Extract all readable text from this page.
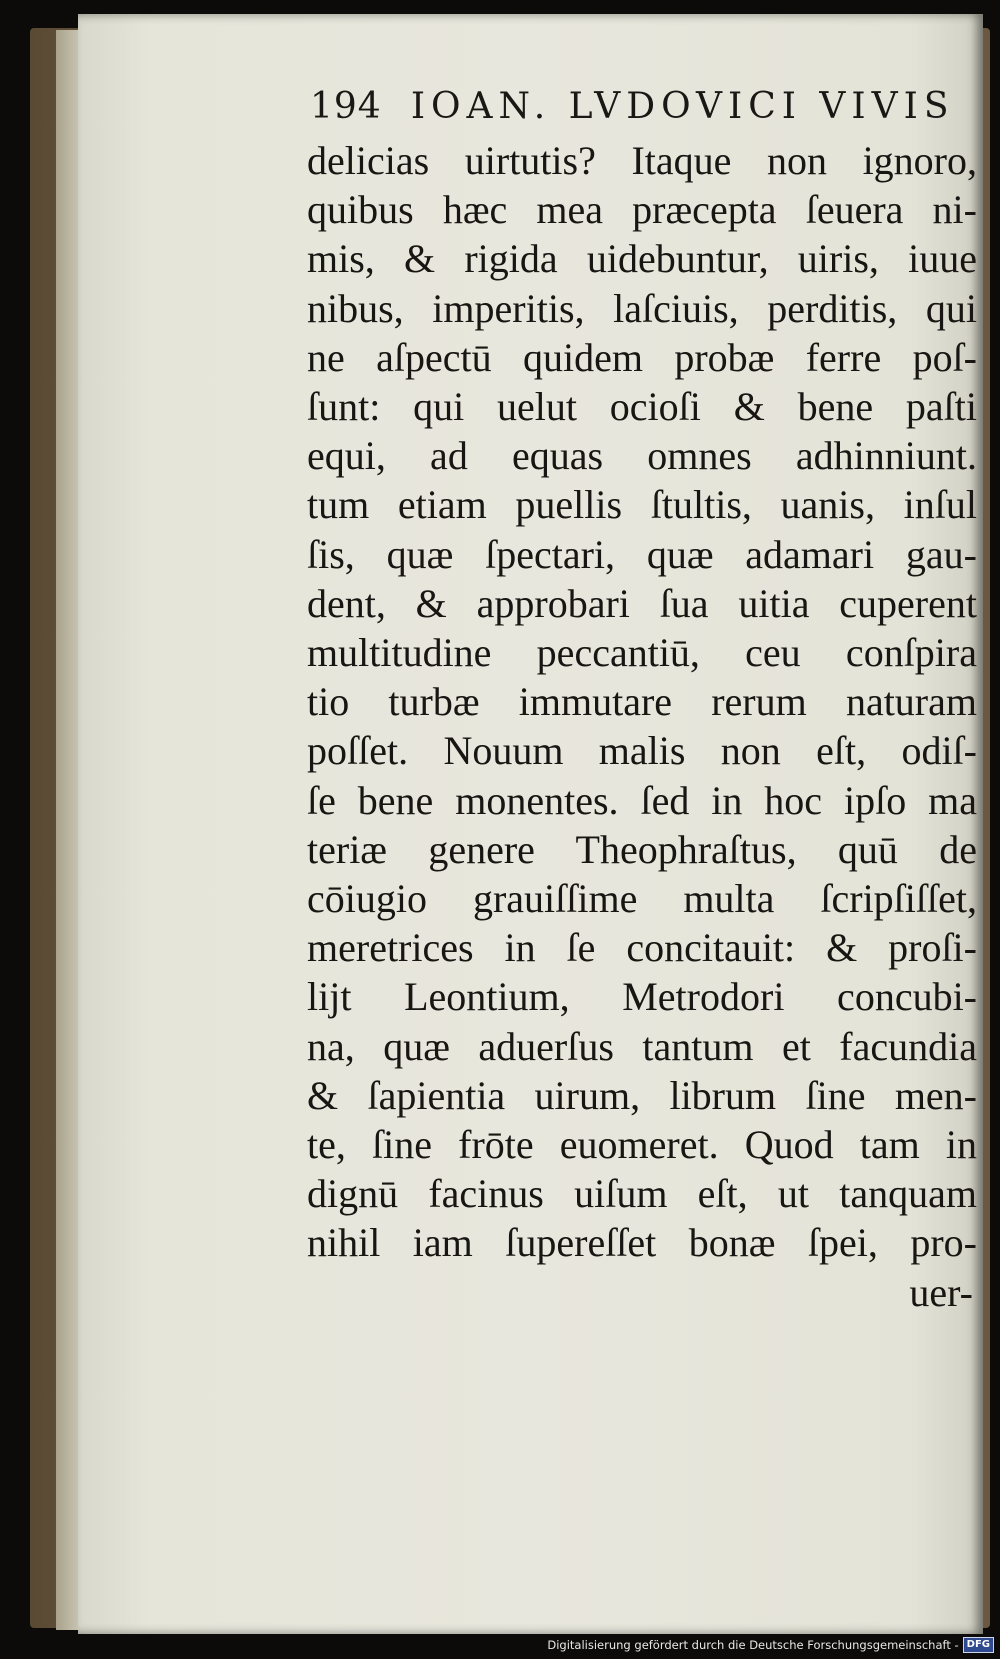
194 IOAN. LVDOVICI VIVIS
delicias uirtutis? Itaque non ignoro,
quibus hæc mea præcepta ſeuera ni-
mis, & rigida uidebuntur, uiris, iuue
nibus, imperitis, laſciuis, perditis, qui
ne aſpectū quidem probæ ferre poſ-
ſunt: qui uelut ocioſi & bene paſti
equi, ad equas omnes adhinniunt.
tum etiam puellis ſtultis, uanis, inſul
ſis, quæ ſpectari, quæ adamari gau-
dent, & approbari ſua uitia cuperent
multitudine peccantiū, ceu conſpira
tio turbæ immutare rerum naturam
poſſet. Nouum malis non eſt, odiſ-
ſe bene monentes. ſed in hoc ipſo ma
teriæ genere Theophraſtus, quū de
cōiugio grauiſſime multa ſcripſiſſet,
meretrices in ſe concitauit: & proſi-
lijt Leontium, Metrodori concubi-
na, quæ aduerſus tantum et facundia
& ſapientia uirum, librum ſine men-
te, ſine frōte euomeret. Quod tam in
dignū facinus uiſum eſt, ut tanquam
nihil iam ſupereſſet bonæ ſpei, pro-
uer-
Digitalisierung gefördert durch die Deutsche Forschungsgemeinschaft - DFG
